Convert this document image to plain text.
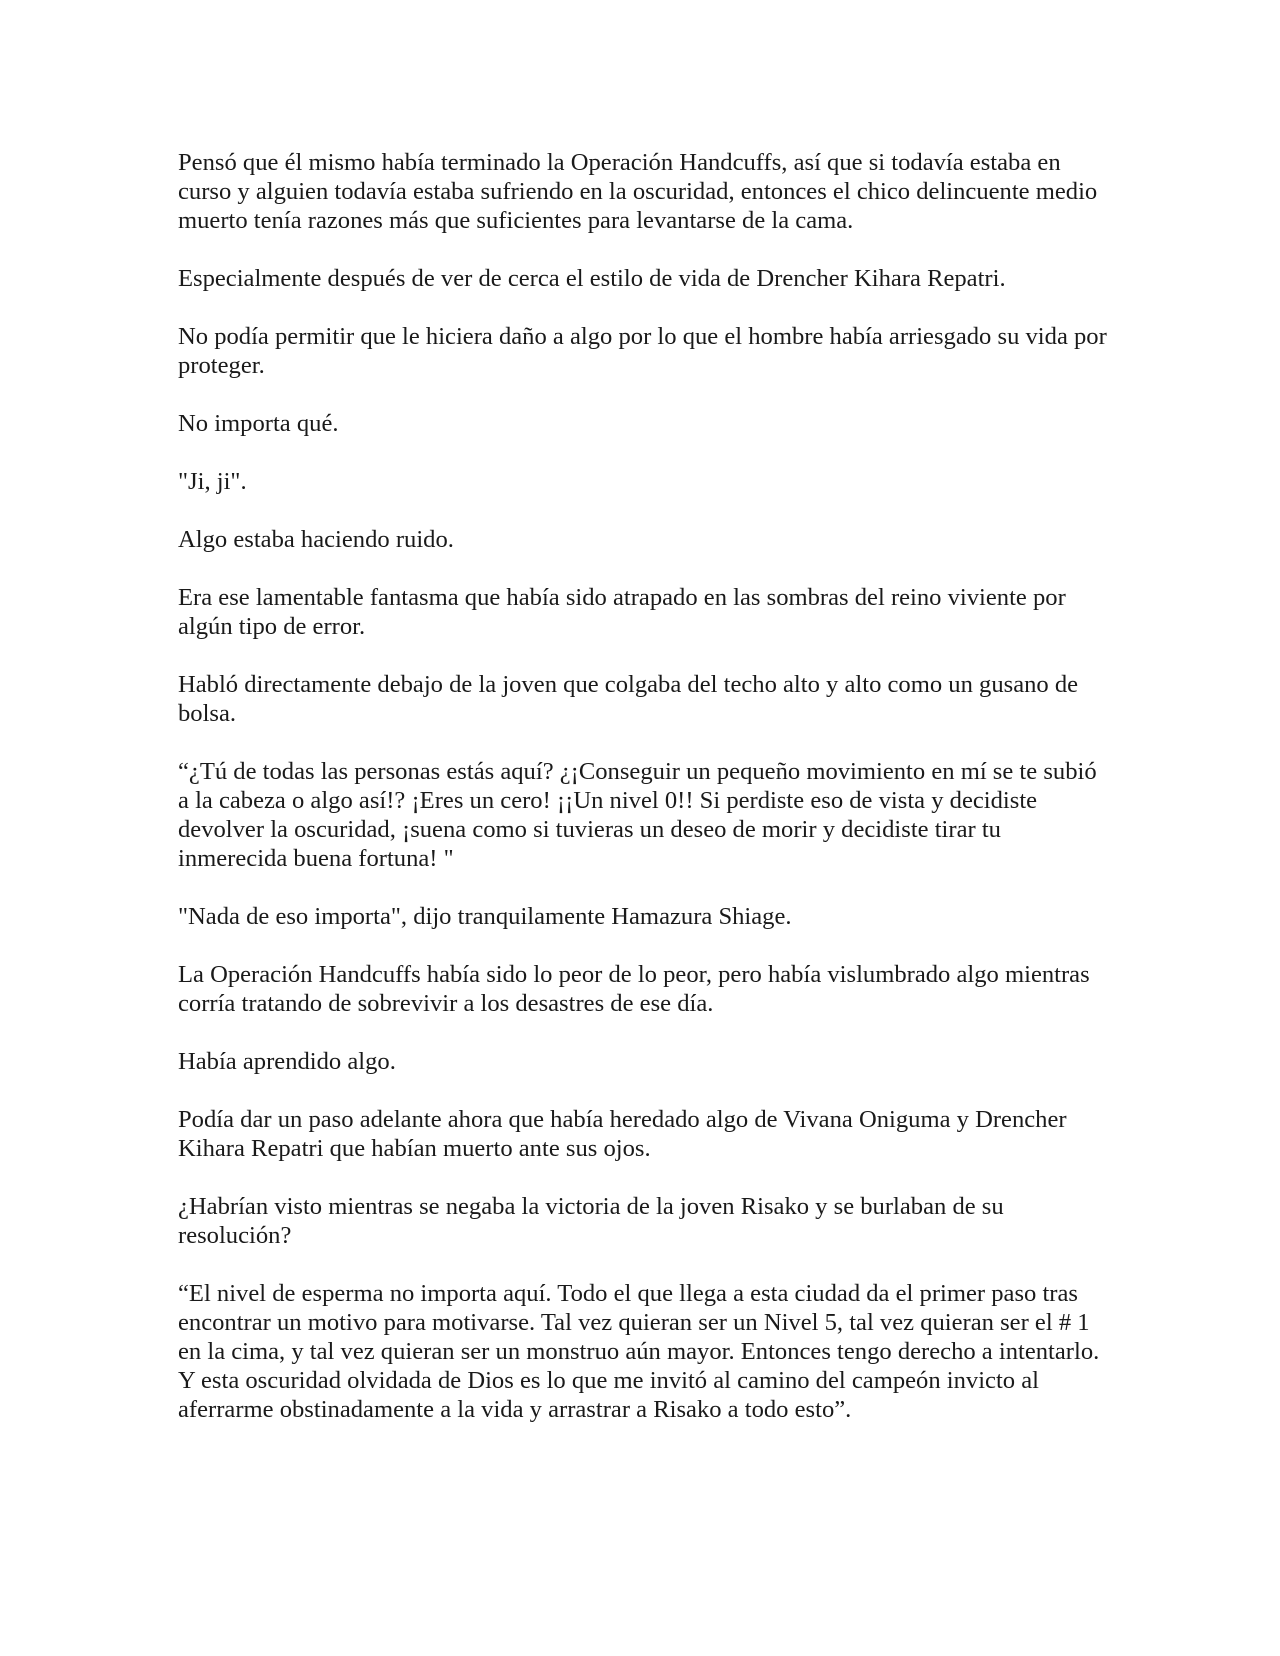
Pensó que él mismo había terminado la Operación Handcuffs, así que si todavía estaba en curso y alguien todavía estaba sufriendo en la oscuridad, entonces el chico delincuente medio muerto tenía razones más que suficientes para levantarse de la cama.

Especialmente después de ver de cerca el estilo de vida de Drencher Kihara Repatri.

No podía permitir que le hiciera daño a algo por lo que el hombre había arriesgado su vida por proteger.

No importa qué.

"Ji, ji".

Algo estaba haciendo ruido.

Era ese lamentable fantasma que había sido atrapado en las sombras del reino viviente por algún tipo de error.

Habló directamente debajo de la joven que colgaba del techo alto y alto como un gusano de bolsa.

“¿Tú de todas las personas estás aquí? ¿¡Conseguir un pequeño movimiento en mí se te subió a la cabeza o algo así!? ¡Eres un cero! ¡¡Un nivel 0!! Si perdiste eso de vista y decidiste devolver la oscuridad, ¡suena como si tuvieras un deseo de morir y decidiste tirar tu inmerecida buena fortuna! "

"Nada de eso importa", dijo tranquilamente Hamazura Shiage.

La Operación Handcuffs había sido lo peor de lo peor, pero había vislumbrado algo mientras corría tratando de sobrevivir a los desastres de ese día.

Había aprendido algo.

Podía dar un paso adelante ahora que había heredado algo de Vivana Oniguma y Drencher Kihara Repatri que habían muerto ante sus ojos.

¿Habrían visto mientras se negaba la victoria de la joven Risako y se burlaban de su resolución?

“El nivel de esperma no importa aquí. Todo el que llega a esta ciudad da el primer paso tras encontrar un motivo para motivarse. Tal vez quieran ser un Nivel 5, tal vez quieran ser el # 1 en la cima, y tal vez quieran ser un monstruo aún mayor. Entonces tengo derecho a intentarlo. Y esta oscuridad olvidada de Dios es lo que me invitó al camino del campeón invicto al aferrarme obstinadamente a la vida y arrastrar a Risako a todo esto”.
